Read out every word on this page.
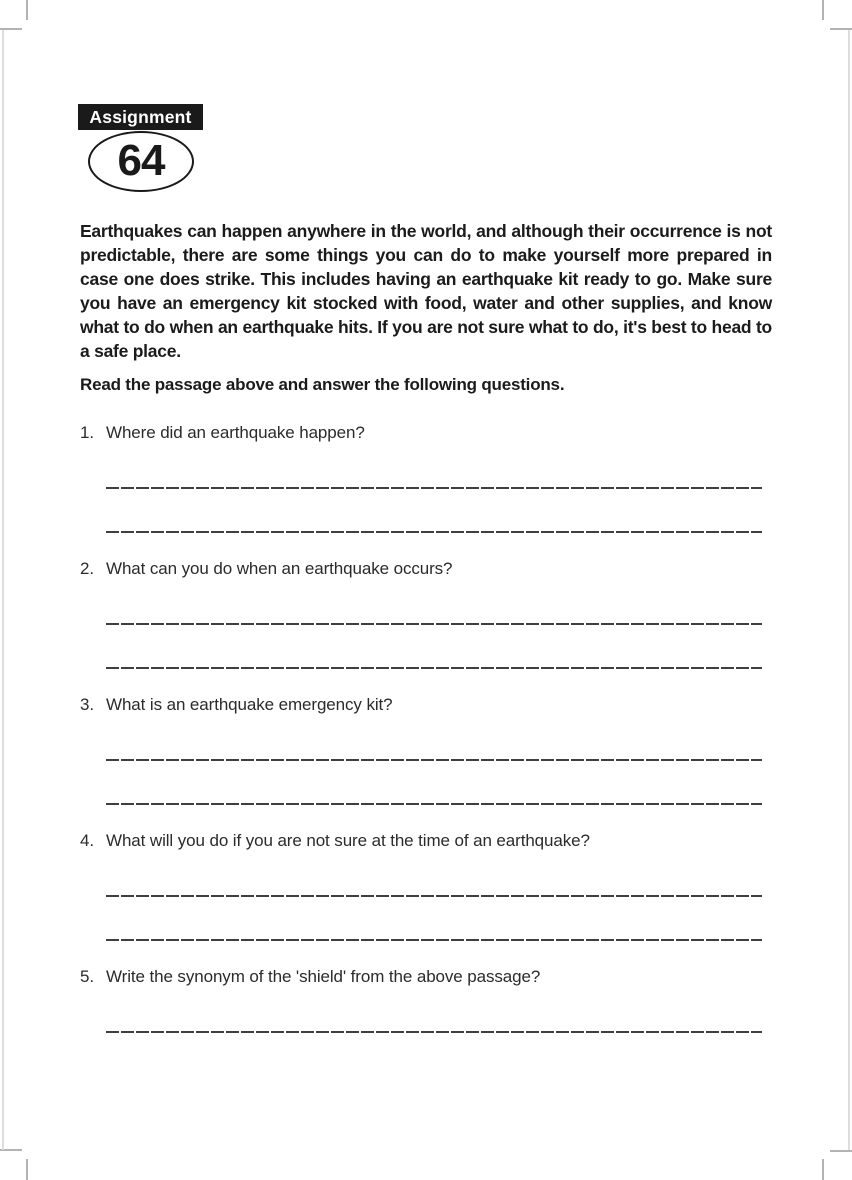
Assignment
64

Earthquakes can happen anywhere in the world, and although their occurrence is not predictable, there are some things you can do to make yourself more prepared in case one does strike. This includes having an earthquake kit ready to go. Make sure you have an emergency kit stocked with food, water and other supplies, and know what to do when an earthquake hits. If you are not sure what to do, it's best to head to a safe place.

Read the passage above and answer the following questions.

1. Where did an earthquake happen?
2. What can you do when an earthquake occurs?
3. What is an earthquake emergency kit?
4. What will you do if you are not sure at the time of an earthquake?
5. Write the synonym of the 'shield' from the above passage?
